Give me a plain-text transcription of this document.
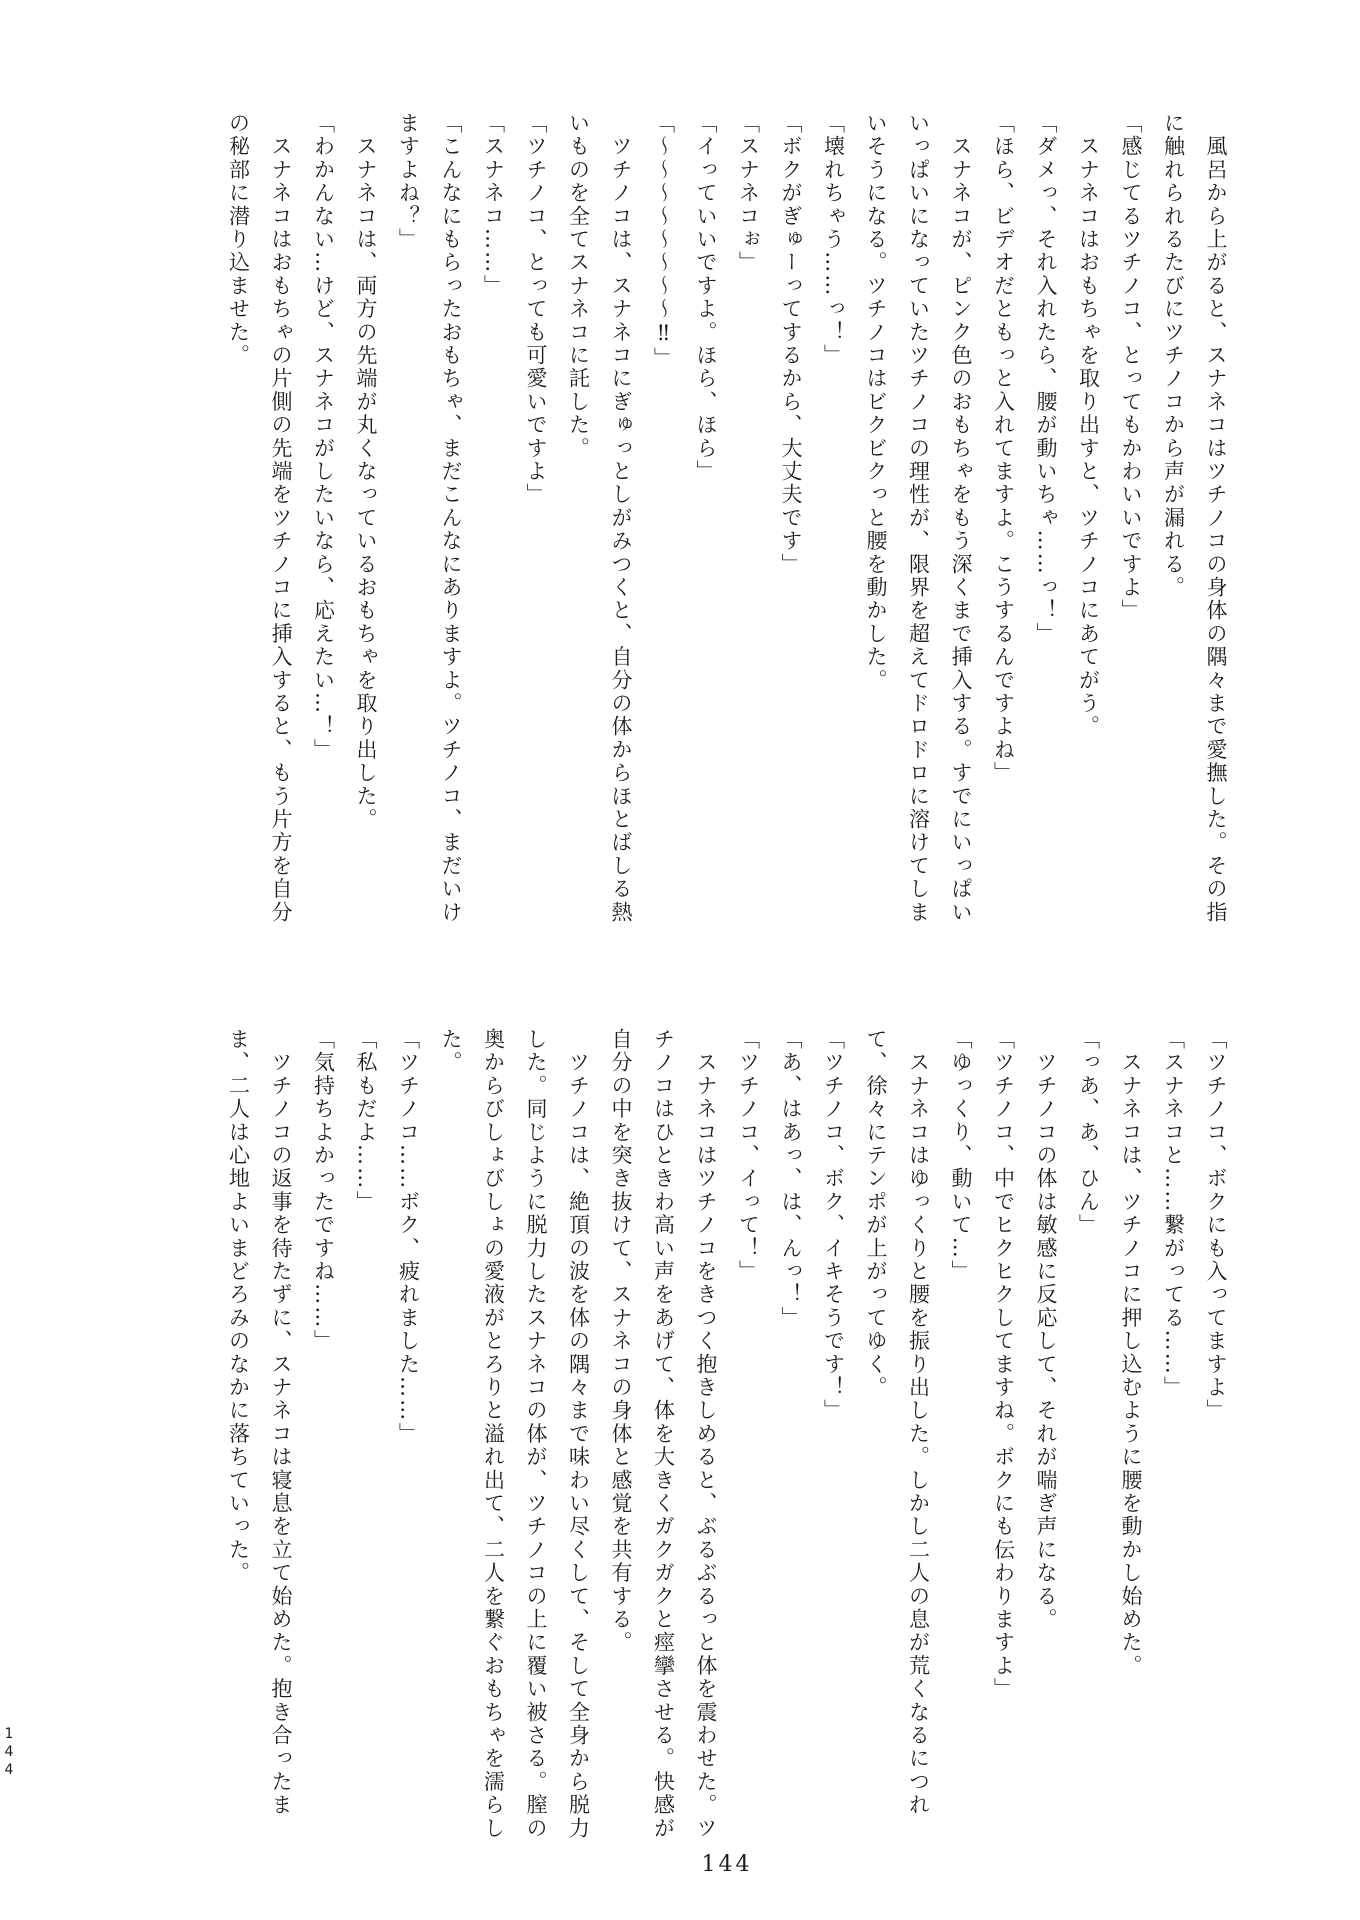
　風呂から上がると、スナネコはツチノコの身体の隅々まで愛撫した。その指に触れられるたびにツチノコから声が漏れる。

「感じてるツチノコ、とってもかわいいですよ」

　スナネコはおもちゃを取り出すと、ツチノコにあてがう。

「ダメっ、それ入れたら、腰が動いちゃ……っ！」

「ほら、ビデオだともっと入れてますよ。こうするんですよね」

　スナネコが、ピンク色のおもちゃをもう深くまで挿入する。すでにいっぱいいっぱいになっていたツチノコの理性が、限界を超えてドロドロに溶けてしまいそうになる。ツチノコはビクビクっと腰を動かした。

「壊れちゃう……っ！」

「ボクがぎゅーってするから、大丈夫です」

「スナネコぉ」

「イっていいですよ。ほら、ほら」

「～～～～～～～～‼」

　ツチノコは、スナネコにぎゅっとしがみつくと、自分の体からほとばしる熱いものを全てスナネコに託した。

「ツチノコ、とっても可愛いですよ」

「スナネコ……」

「こんなにもらったおもちゃ、まだこんなにありますよ。ツチノコ、まだいけますよね？」

　スナネコは、両方の先端が丸くなっているおもちゃを取り出した。

「わかんない…けど、スナネコがしたいなら、応えたい…！」

　スナネコはおもちゃの片側の先端をツチノコに挿入すると、もう片方を自分の秘部に潜り込ませた。

「ツチノコ、ボクにも入ってますよ」

「スナネコと……繋がってる……」

　スナネコは、ツチノコに押し込むように腰を動かし始めた。

「っあ、あ、ひん」

　ツチノコの体は敏感に反応して、それが喘ぎ声になる。

「ツチノコ、中でヒクヒクしてますね。ボクにも伝わりますよ」

「ゆっくり、動いて…」

　スナネコはゆっくりと腰を振り出した。しかし二人の息が荒くなるにつれて、徐々にテンポが上がってゆく。

「ツチノコ、ボク、イキそうです！」

「あ、はあっ、は、んっ！」

「ツチノコ、イって！」

　スナネコはツチノコをきつく抱きしめると、ぶるぶるっと体を震わせた。ツチノコはひときわ高い声をあげて、体を大きくガクガクと痙攣させる。快感が自分の中を突き抜けて、スナネコの身体と感覚を共有する。

　ツチノコは、絶頂の波を体の隅々まで味わい尽くして、そして全身から脱力した。同じように脱力したスナネコの体が、ツチノコの上に覆い被さる。膣の奥からびしょびしょの愛液がとろりと溢れ出て、二人を繋ぐおもちゃを濡らした。

「ツチノコ……ボク、疲れました……」

「私もだよ……」

「気持ちよかったですね……」

　ツチノコの返事を待たずに、スナネコは寝息を立て始めた。抱き合ったまま、二人は心地よいまどろみのなかに落ちていった。

144
144
